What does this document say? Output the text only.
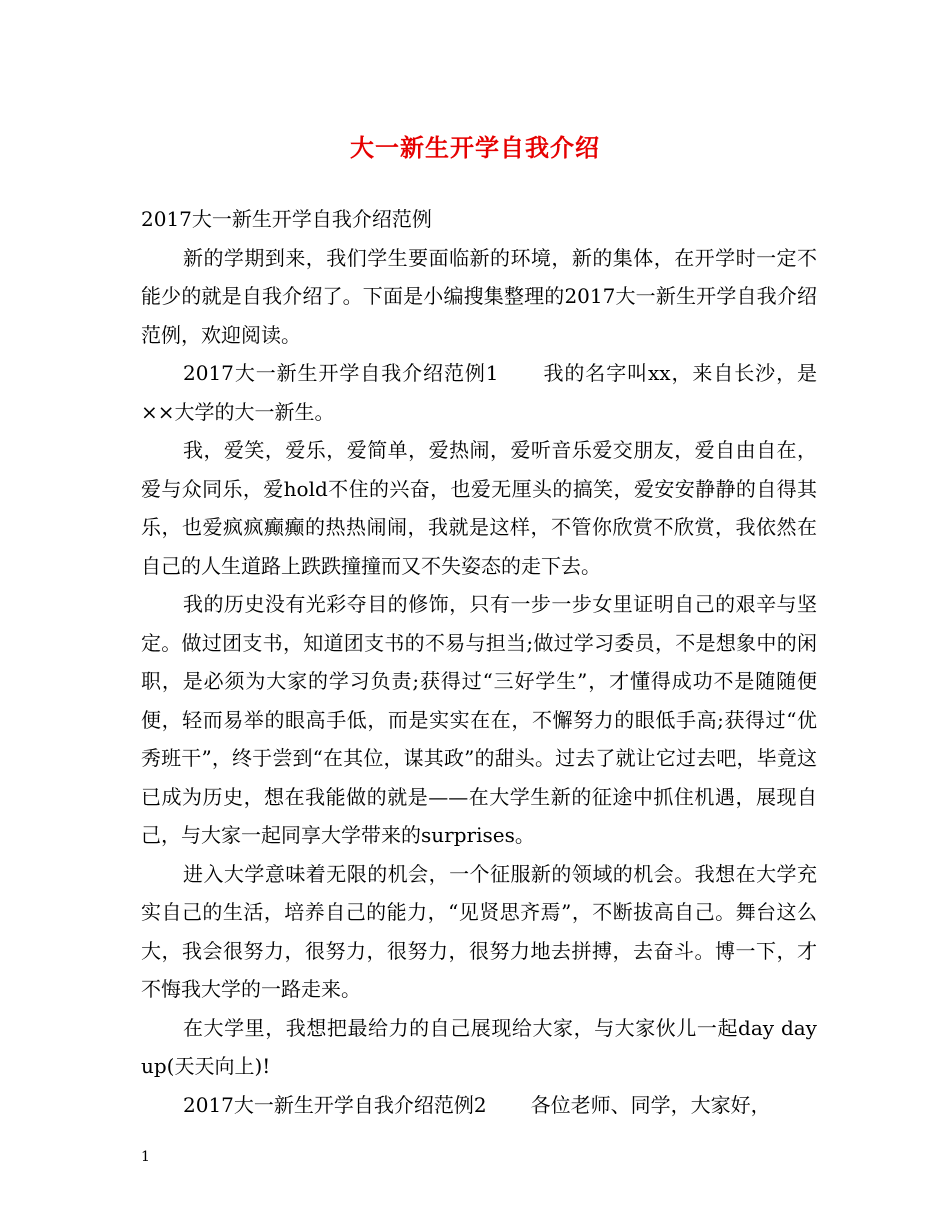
大一新生开学自我介绍

2017大一新生开学自我介绍范例

新的学期到来，我们学生要面临新的环境，新的集体，在开学时一定不能少的就是自我介绍了。下面是小编搜集整理的2017大一新生开学自我介绍范例，欢迎阅读。

2017大一新生开学自我介绍范例1 我的名字叫xx，来自长沙，是××大学的大一新生。

我，爱笑，爱乐，爱简单，爱热闹，爱听音乐爱交朋友，爱自由自在，爱与众同乐，爱hold不住的兴奋，也爱无厘头的搞笑，爱安安静静的自得其乐，也爱疯疯癫癫的热热闹闹，我就是这样，不管你欣赏不欣赏，我依然在自己的人生道路上跌跌撞撞而又不失姿态的走下去。

我的历史没有光彩夺目的修饰，只有一步一步女里证明自己的艰辛与坚定。做过团支书，知道团支书的不易与担当;做过学习委员，不是想象中的闲职，是必须为大家的学习负责;获得过“三好学生”，才懂得成功不是随随便便，轻而易举的眼高手低，而是实实在在，不懈努力的眼低手高;获得过“优秀班干”，终于尝到“在其位，谋其政”的甜头。过去了就让它过去吧，毕竟这已成为历史，想在我能做的就是——在大学生新的征途中抓住机遇，展现自己，与大家一起同享大学带来的surprises。

进入大学意味着无限的机会，一个征服新的领域的机会。我想在大学充实自己的生活，培养自己的能力，“见贤思齐焉”，不断拔高自己。舞台这么大，我会很努力，很努力，很努力，很努力地去拼搏，去奋斗。博一下，才不悔我大学的一路走来。

在大学里，我想把最给力的自己展现给大家，与大家伙儿一起day day up(天天向上)!

2017大一新生开学自我介绍范例2 各位老师、同学，大家好，

1
